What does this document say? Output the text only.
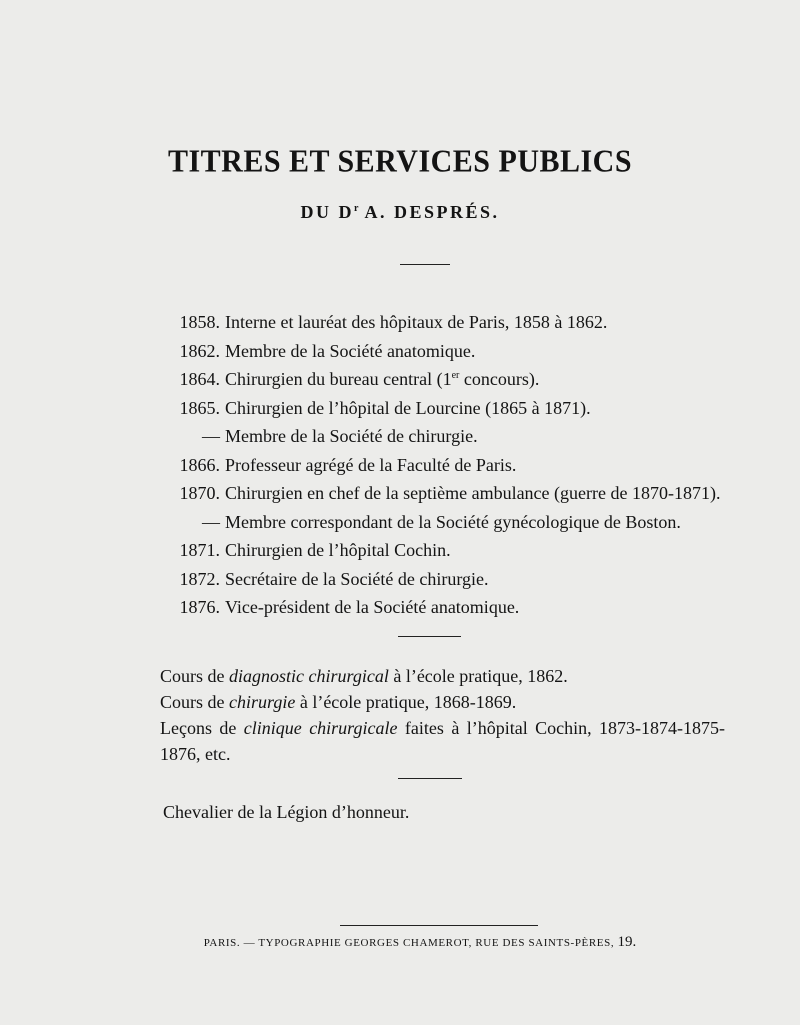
TITRES ET SERVICES PUBLICS
DU $D^r$ A. DESPRÉS.
1858. Interne et lauréat des hôpitaux de Paris, 1858 à 1862.
1862. Membre de la Société anatomique.
1864. Chirurgien du bureau central (1er concours).
1865. Chirurgien de l’hôpital de Lourcine (1865 à 1871).
— Membre de la Société de chirurgie.
1866. Professeur agrégé de la Faculté de Paris.
1870. Chirurgien en chef de la septième ambulance (guerre de 1870-1871).
— Membre correspondant de la Société gynécologique de Boston.
1871. Chirurgien de l’hôpital Cochin.
1872. Secrétaire de la Société de chirurgie.
1876. Vice-président de la Société anatomique.
Cours de diagnostic chirurgical à l’école pratique, 1862.
Cours de chirurgie à l’école pratique, 1868-1869.
Leçons de clinique chirurgicale faites à l’hôpital Cochin, 1873-1874-1875-1876, etc.
Chevalier de la Légion d’honneur.
PARIS. — TYPOGRAPHIE GEORGES CHAMEROT, RUE DES SAINTS-PÈRES, 19.
